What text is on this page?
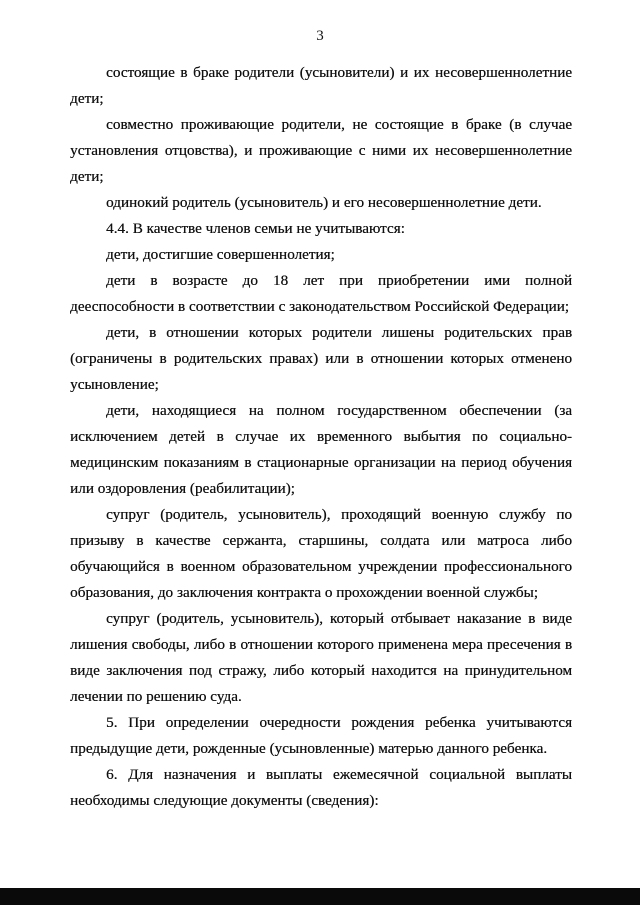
3

состоящие в браке родители (усыновители) и их несовершеннолетние дети;

совместно проживающие родители, не состоящие в браке (в случае установления отцовства), и проживающие с ними их несовершеннолетние дети;

одинокий родитель (усыновитель) и его несовершеннолетние дети.

4.4. В качестве членов семьи не учитываются:

дети, достигшие совершеннолетия;

дети в возрасте до 18 лет при приобретении ими полной дееспособности в соответствии с законодательством Российской Федерации;

дети, в отношении которых родители лишены родительских прав (ограничены в родительских правах) или в отношении которых отменено усыновление;

дети, находящиеся на полном государственном обеспечении (за исключением детей в случае их временного выбытия по социально-медицинским показаниям в стационарные организации на период обучения или оздоровления (реабилитации);

супруг (родитель, усыновитель), проходящий военную службу по призыву в качестве сержанта, старшины, солдата или матроса либо обучающийся в военном образовательном учреждении профессионального образования, до заключения контракта о прохождении военной службы;

супруг (родитель, усыновитель), который отбывает наказание в виде лишения свободы, либо в отношении которого применена мера пресечения в виде заключения под стражу, либо который находится на принудительном лечении по решению суда.

5. При определении очередности рождения ребенка учитываются предыдущие дети, рожденные (усыновленные) матерью данного ребенка.

6. Для назначения и выплаты ежемесячной социальной выплаты необходимы следующие документы (сведения):
